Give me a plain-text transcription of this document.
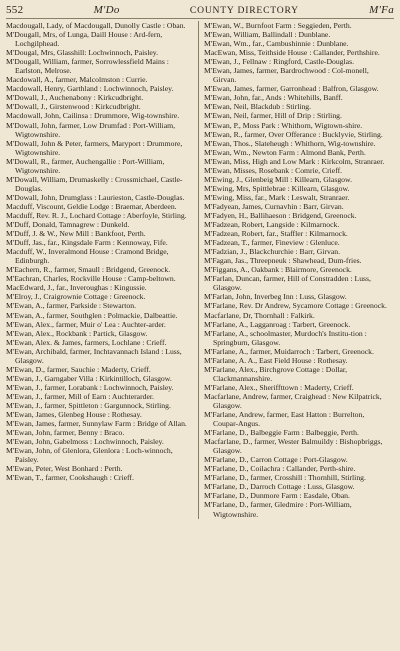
552	M'Do	COUNTY DIRECTORY	M'Fa
Macdougall, Lady, of Macdougall, Dunolly Castle : Oban.
M'Dougall, Mrs, of Lunga, Daill House : Ard-fern, Lochgilphead.
M'Dougal, Mrs, Glasshill: Lochwinnoch, Paisley.
M'Dougall, William, farmer, Sorrowlessfield Mains : Earlston, Melrose.
Macdowall, A., farmer, Malcolmston : Currie.
Macdowall, Henry, Garthland : Lochwinnoch, Paisley.
M'Dowall, J., Auchenabony : Kirkcudbright.
M'Dowall, J., Girstenwood : Kirkcudbright.
Macdowall, John, Cailinsa : Drummore, Wig-townshire.
M'Dowall, John, farmer, Low Drumfad : Port-William, Wigtownshire.
M'Dowall, John & Peter, farmers, Maryport : Drummore, Wigtownshire.
M'Dowall, R., farmer, Auchengallie : Port-William, Wigtownshire.
M'Dowall, William, Drumaskelly : Crossmichael, Castle-Douglas.
M'Dowall, John, Drumglass : Laurieston, Castle-Douglas.
Macduff, Viscount, Geldie Lodge : Braemar, Aberdeen.
Macduff, Rev. R. J., Lochard Cottage : Aberfoyle, Stirling.
M'Duff, Donald, Tamnagrew : Dunkeld.
M'Duff, J. & W., New Mill : Bankfoot, Perth.
M'Duff, Jas., far., Kingsdale Farm : Kennoway, Fife.
Macduff, W., Inveralmond House : Cramond Bridge, Edinburgh.
M'Eachern, R., farmer, Smaull : Bridgend, Greenock.
M'Eachran, Charles, Rockville House : Camp-beltown.
MacEdward, J., far., Inveroughas : Kingussie.
M'Elroy, J., Craigrownie Cottage : Greenock.
M'Ewan, A., farmer, Parkside : Stewarton.
M'Ewan, A., farmer, Southglen : Polmackie, Dalbeattie.
M'Ewan, Alex., farmer, Muir o' Lea : Auchter-arder.
M'Ewan, Alex., Rockbank : Partick, Glasgow.
M'Ewan, Alex. & James, farmers, Lochlane : Crieff.
M'Ewan, Archibald, farmer, Inchtavannach Island : Luss, Glasgow.
M'Ewan, D., farmer, Sauchie : Maderty, Crieff.
M'Ewan, J., Garngaber Villa : Kirkintilloch, Glasgow.
M'Ewan, J., farmer, Lorabank : Lochwinnoch, Paisley.
M'Ewan, J., farmer, Mill of Earn : Auchterarder.
M'Ewan, J., farmer, Spittleton : Gargunnock, Stirling.
M'Ewan, James, Glenbeg House : Rothesay.
M'Ewan, James, farmer, Sunnylaw Farm : Bridge of Allan.
M'Ewan, John, farmer, Benny : Braco.
M'Ewan, John, Gabelmoss : Lochwinnoch, Paisley.
M'Ewan, John, of Glenlora, Glenlora : Loch-winnoch, Paisley.
M'Ewan, Peter, West Bonhard : Perth.
M'Ewan, T., farmer, Cookshaugh : Crieff.
M'Ewan, W., Burnfoot Farm : Seggieden, Perth.
M'Ewan, William, Ballindall : Dunblane.
M'Ewan, Wm., far., Cambushinnie : Dunblane.
MacEwan, Miss, Teithside House : Callander, Perthshire.
M'Ewan, J., Fellnaw : Ringford, Castle-Douglas.
M'Ewan, James, farmer, Bardrochwood : Col-monell, Girvan.
M'Ewan, James, farmer, Garronhead : Balfron, Glasgow.
M'Ewan, John, far., Ands : Whitehills, Banff.
M'Ewan, Neil, Blackdub : Stirling.
M'Ewan, Neil, farmer, Hill of Drip : Stirling.
M'Ewan, P., Moss Park : Whithorn, Wigtown-shire.
M'Ewan, R., farmer, Over Offerance : Bucklyvie, Stirling.
M'Ewan, Thos., Slateheugh : Whithorn, Wig-townshire.
M'Ewan, Wm., Newton Farm : Almond Bank, Perth.
M'Ewan, Miss, High and Low Mark : Kirkcolm, Stranraer.
M'Ewan, Misses, Rosebank : Comrie, Crieff.
M'Ewing, J., Glenbeig Mill : Killearn, Glasgow.
M'Ewing, Mrs, Spittlebrae : Killearn, Glasgow.
M'Ewing, Miss, far., Mark : Leswalt, Stranraer.
M'Fadyean, James, Curnavhin : Barr, Girvan.
M'Fadyen, H., Ballihaeson : Bridgend, Greenock.
M'Fadzean, Robert, Langside : Kilmarnock.
M'Fadzean, Robert, far., Staffler : Kilmarnock.
M'Fadzean, T., farmer, Fineview : Glenluce.
M'Fadzian, J., Blackchurchie : Barr, Girvan.
M'Fagan, Jas., Threepneuk : Shawhead, Dum-fries.
M'Figgans, A., Oakbank : Blairmore, Greenock.
M'Farlan, Duncan, farmer, Hill of Constradden : Luss, Glasgow.
M'Farlan, John, Inverbeg Inn : Luss, Glasgow.
M'Farlane, Rev. Dr Andrew, Sycamore Cottage : Greenock.
Macfarlane, Dr, Thornhall : Falkirk.
M'Farlane, A., Lagganroag : Tarbert, Greenock.
M'Farlane, A., schoolmaster, Murdoch's Institu-tion : Springburn, Glasgow.
M'Farlane, A., farmer, Muidarroch : Tarbert, Greenock.
M'Farlane, A. A., East Field House : Rothesay.
M'Farlane, Alex., Birchgrove Cottage : Dollar, Clackmannanshire.
M'Farlane, Alex., Sheriffttown : Maderty, Crieff.
Macfarlane, Andrew, farmer, Craighead : New Kilpatrick, Glasgow.
M'Farlane, Andrew, farmer, East Hatton : Burrelton, Coupar-Angus.
M'Farlane, D., Balbeggie Farm : Balbeggie, Perth.
Macfarlane, D., farmer, Wester Balmuildy : Bishopbriggs, Glasgow.
M'Farlane, D., Carron Cottage : Port-Glasgow.
M'Farlane, D., Coilachra : Callander, Perth-shire.
M'Farlane, D., farmer, Crosshill : Thornhill, Stirling.
M'Farlane, D., Darroch Cottage : Luss, Glasgow.
M'Farlane, D., Dunmore Farm : Easdale, Oban.
M'Farlane, D., farmer, Gledmire : Port-William, Wigtownshire.
